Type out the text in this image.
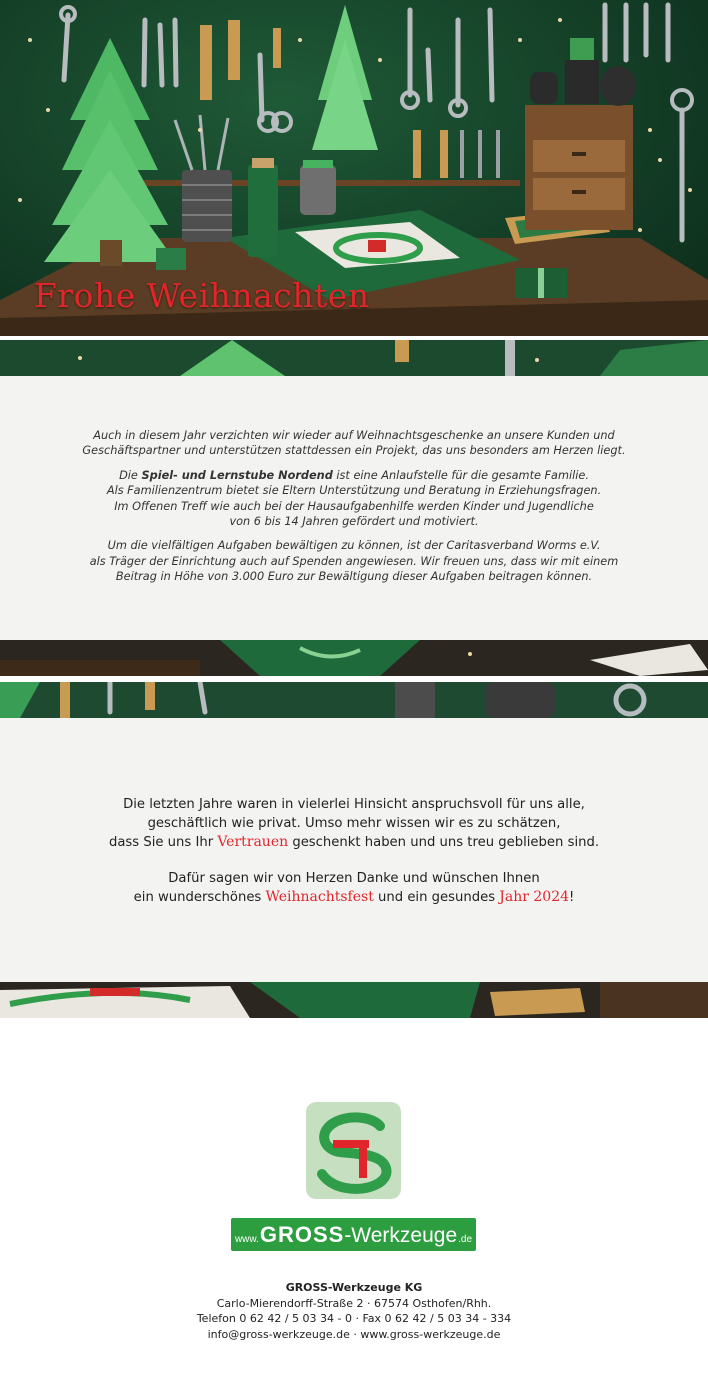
Frohe Weihnachten
Auch in diesem Jahr verzichten wir wieder auf Weihnachtsgeschenke an unsere Kunden und
Geschäftspartner und unterstützen stattdessen ein Projekt, das uns besonders am Herzen liegt.
Die Spiel- und Lernstube Nordend ist eine Anlaufstelle für die gesamte Familie.
Als Familienzentrum bietet sie Eltern Unterstützung und Beratung in Erziehungsfragen.
Im Offenen Treff wie auch bei der Hausaufgabenhilfe werden Kinder und Jugendliche
von 6 bis 14 Jahren gefördert und motiviert.
Um die vielfältigen Aufgaben bewältigen zu können, ist der Caritasverband Worms e.V.
als Träger der Einrichtung auch auf Spenden angewiesen. Wir freuen uns, dass wir mit einem
Beitrag in Höhe von 3.000 Euro zur Bewältigung dieser Aufgaben beitragen können.
Die letzten Jahre waren in vielerlei Hinsicht anspruchsvoll für uns alle,
geschäftlich wie privat. Umso mehr wissen wir es zu schätzen,
dass Sie uns Ihr Vertrauen geschenkt haben und uns treu geblieben sind.
Dafür sagen wir von Herzen Danke und wünschen Ihnen
ein wunderschönes Weihnachtsfest und ein gesundes Jahr 2024!
www. GROSS -Werkzeuge .de
GROSS-Werkzeuge KG
Carlo-Mierendorff-Straße 2 · 67574 Osthofen/Rhh.
Telefon 0 62 42 / 5 03 34 - 0 · Fax 0 62 42 / 5 03 34 - 334
info@gross-werkzeuge.de · www.gross-werkzeuge.de
